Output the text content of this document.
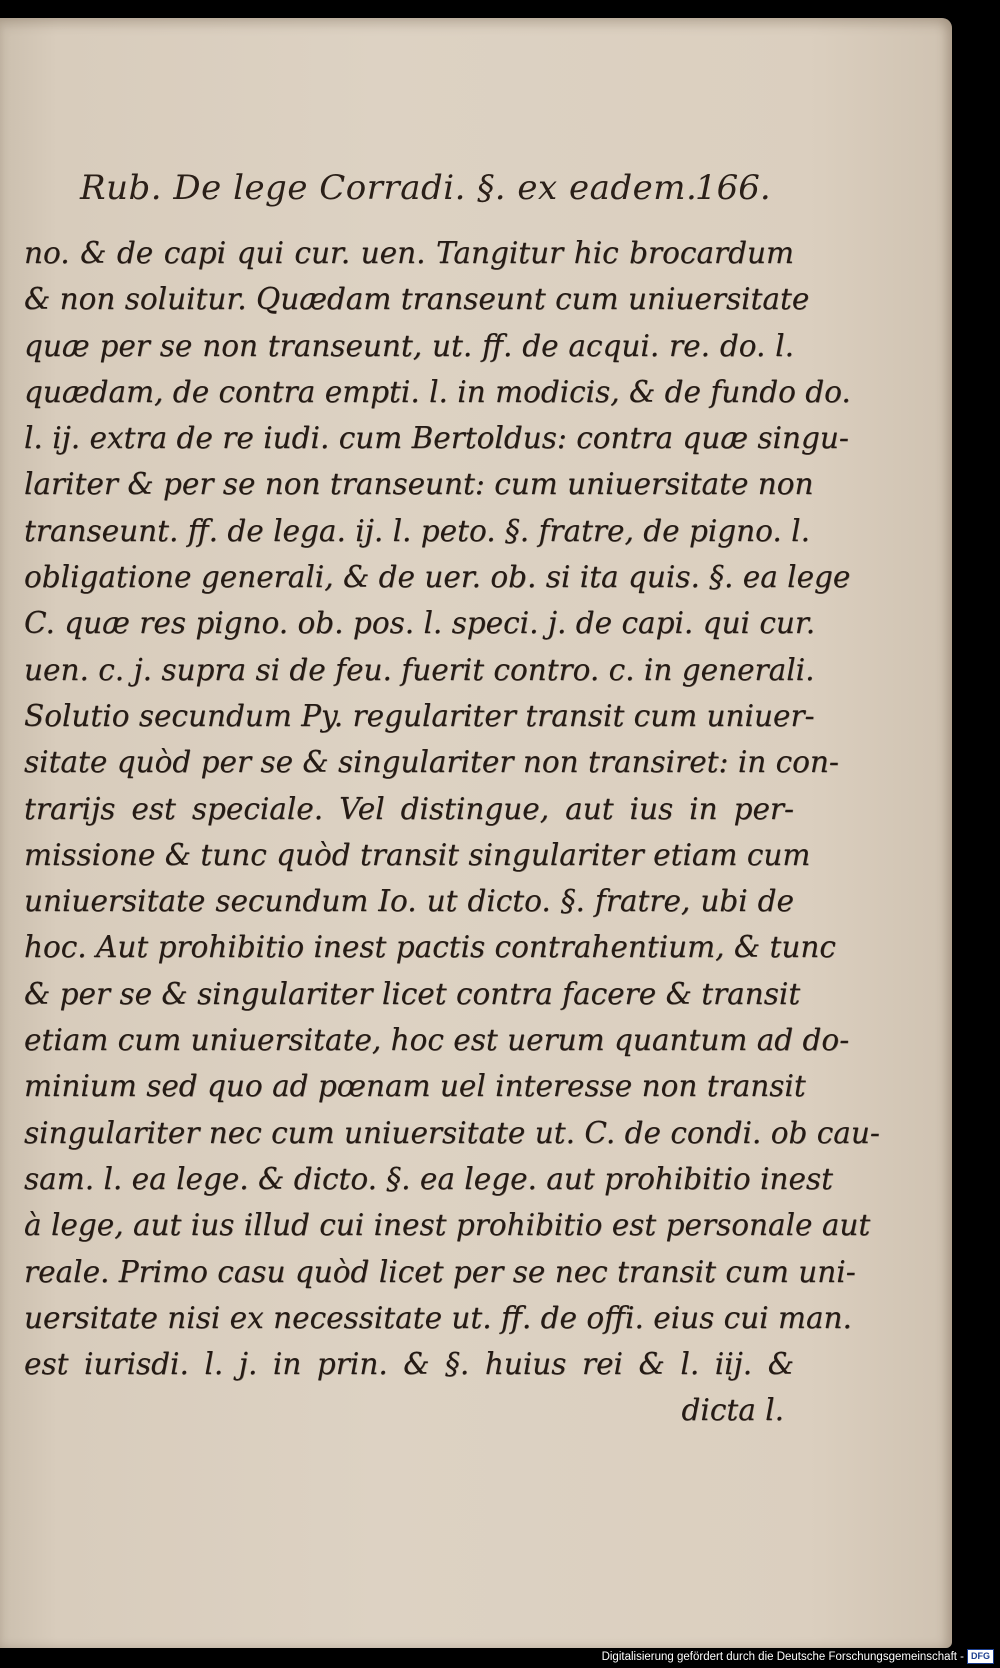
Rub. De lege Corradi. §. ex eadem.
166.
no. & de capi qui cur. uen. Tangitur hic brocardum
& non soluitur. Quædam transeunt cum uniuersitate
quæ per se non transeunt, ut. ff. de acqui. re. do. l.
quædam, de contra empti. l. in modicis, & de fundo do.
l. ij. extra de re iudi. cum Bertoldus: contra quæ singu-
lariter & per se non transeunt: cum uniuersitate non
transeunt. ff. de lega. ij. l. peto. §. fratre, de pigno. l.
obligatione generali, & de uer. ob. si ita quis. §. ea lege
C. quæ res pigno. ob. pos. l. speci. j. de capi. qui cur.
uen. c. j. supra si de feu. fuerit contro. c. in generali.
Solutio secundum Py. regulariter transit cum uniuer-
sitate quòd per se & singulariter non transiret: in con-
trarijs est speciale. Vel distingue, aut ius in per-
missione & tunc quòd transit singulariter etiam cum
uniuersitate secundum Io. ut dicto. §. fratre, ubi de
hoc. Aut prohibitio inest pactis contrahentium, & tunc
& per se & singulariter licet contra facere & transit
etiam cum uniuersitate, hoc est uerum quantum ad do-
minium sed quo ad pœnam uel interesse non transit
singulariter nec cum uniuersitate ut. C. de condi. ob cau-
sam. l. ea lege. & dicto. §. ea lege. aut prohibitio inest
à lege, aut ius illud cui inest prohibitio est personale aut
reale. Primo casu quòd licet per se nec transit cum uni-
uersitate nisi ex necessitate ut. ff. de offi. eius cui man.
est iurisdi. l. j. in prin. & §. huius rei & l. iij. &
dicta l.
Digitalisierung gefördert durch die Deutsche Forschungsgemeinschaft - DFG
